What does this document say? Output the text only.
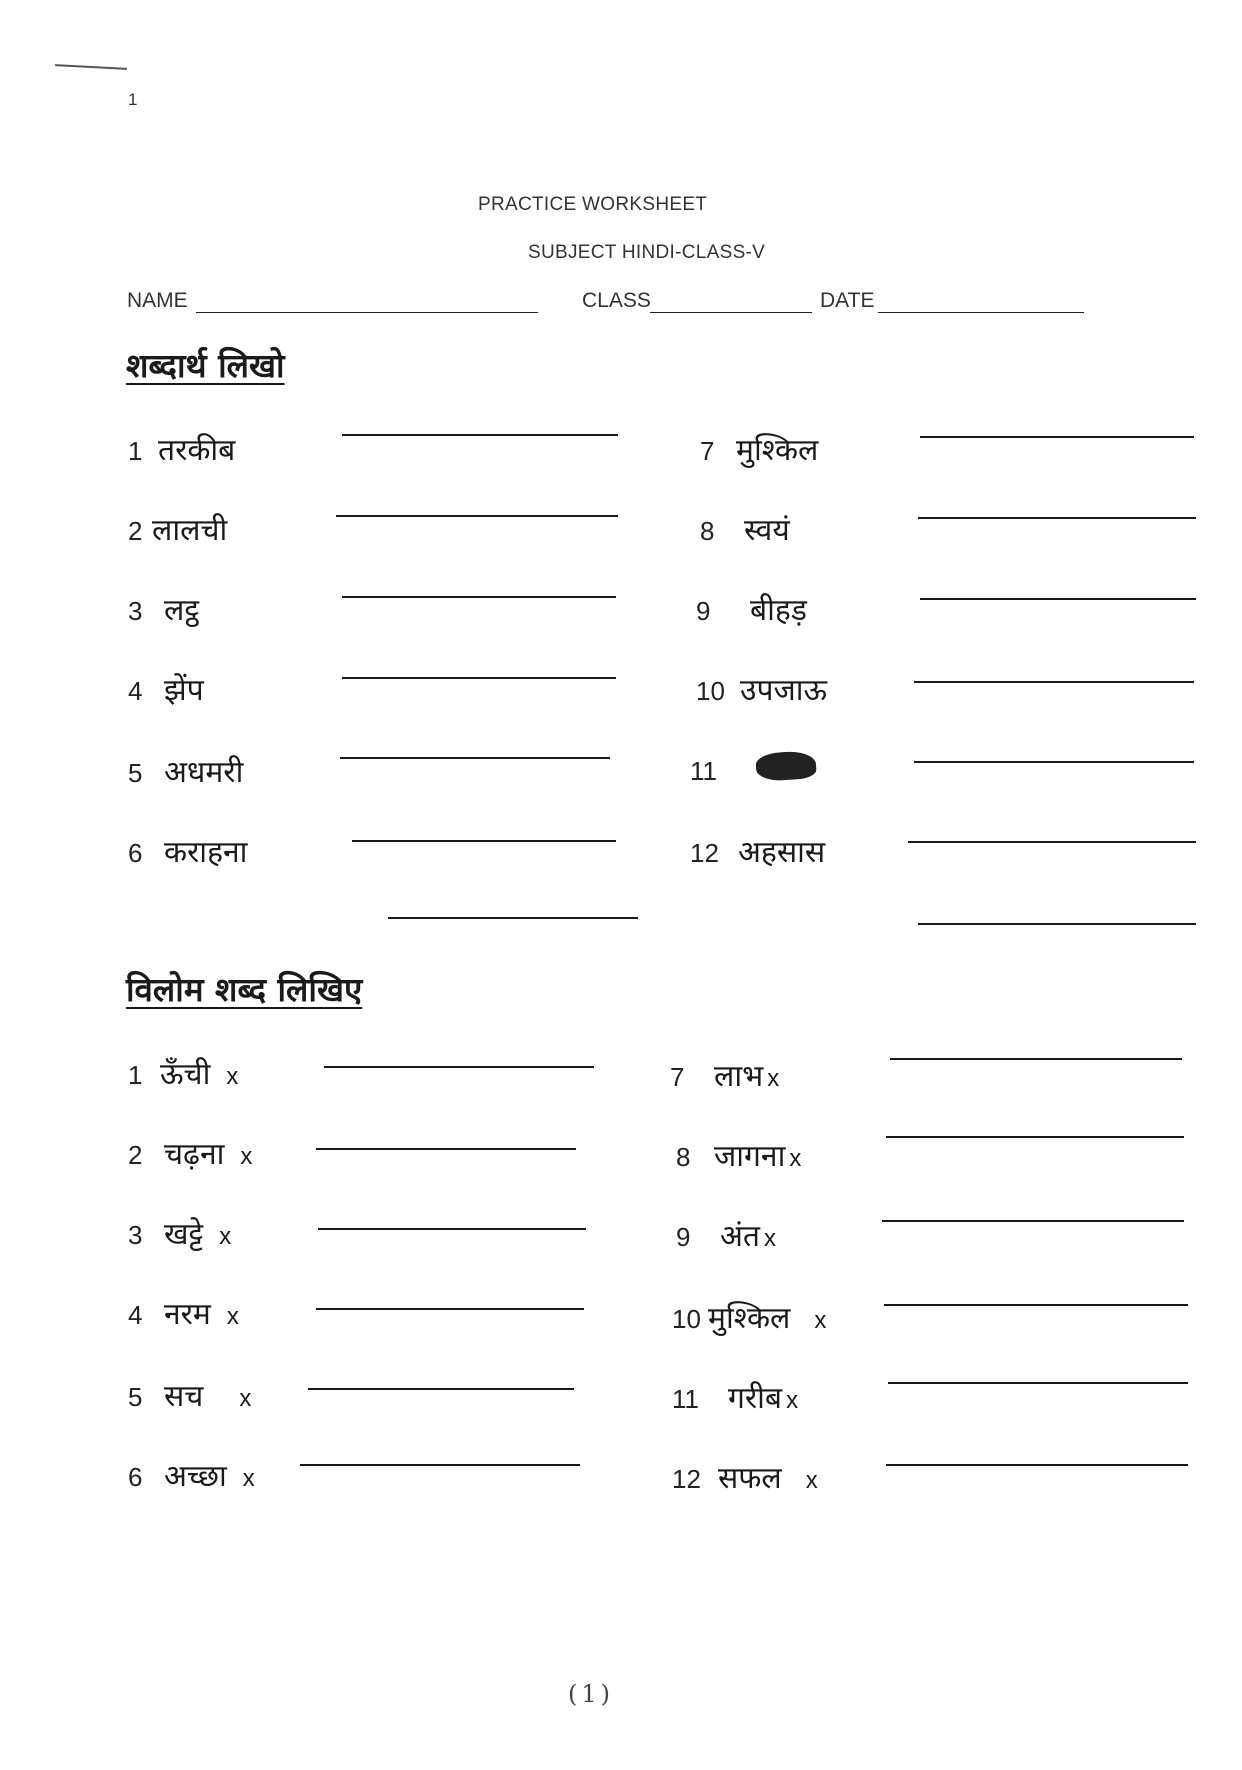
1
PRACTICE WORKSHEET
SUBJECT HINDI-CLASS-V
NAME	CLASS	DATE
शब्दार्थ लिखो
1 तरकीब
2 लालची
3 लट्ठ
4 झेंप
5 अधमरी
6 कराहना
7 मुश्किल
8 स्वयं
9	बीहड़
10 उपजाऊ
11
12 अहसास
विलोम शब्द लिखिए
1 ऊँची x
2 चढ़ना x
3 खट्टे x
4 नरम x
5 सच x
6 अच्छा x
7 लाभ x
8 जागना x
9 अंत x
10 मुश्किल x
11 गरीब x
12 सफल x
(1)
